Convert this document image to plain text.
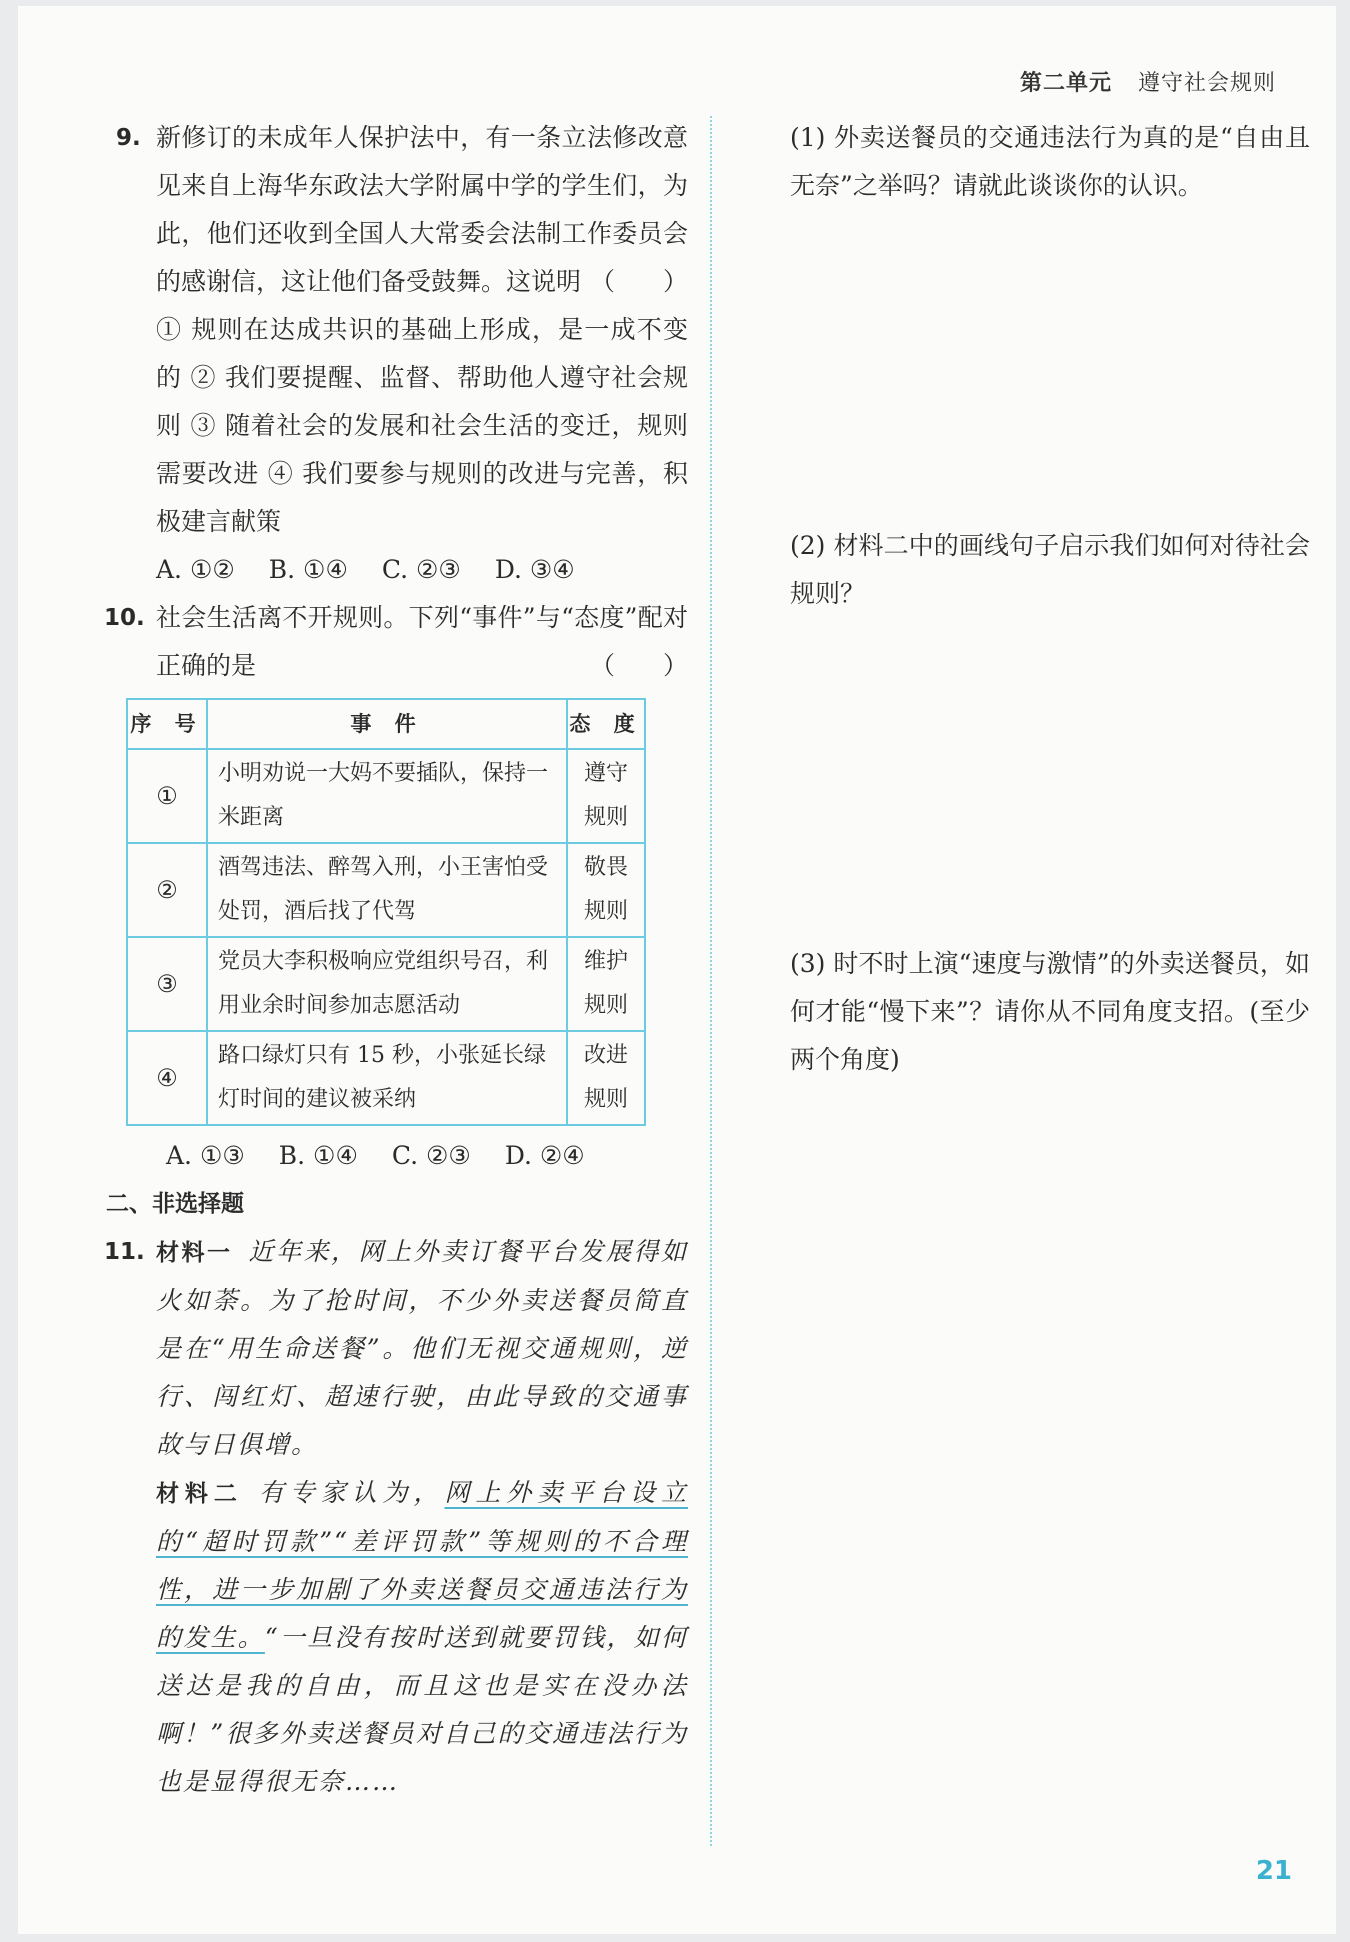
第二单元 遵守社会规则
9. 新修订的未成年人保护法中，有一条立法修改意见来自上海华东政法大学附属中学的学生们，为此，他们还收到全国人大常委会法制工作委员会的感谢信，这让他们备受鼓舞。这说明 （ ）
① 规则在达成共识的基础上形成，是一成不变的 ② 我们要提醒、监督、帮助他人遵守社会规则 ③ 随着社会的发展和社会生活的变迁，规则需要改进 ④ 我们要参与规则的改进与完善，积极建言献策
A. ①② B. ①④ C. ②③ D. ③④
10. 社会生活离不开规则。下列“事件”与“态度”配对正确的是	（ ）
序 号	事 件	态 度
①	小明劝说一大妈不要插队，保持一米距离	遵守规则
②	酒驾违法、醉驾入刑，小王害怕受处罚，酒后找了代驾	敬畏规则
③	党员大李积极响应党组织号召，利用业余时间参加志愿活动	维护规则
④	路口绿灯只有 15 秒，小张延长绿灯时间的建议被采纳	改进规则
A. ①③ B. ①④ C. ②③ D. ②④
二、非选择题
11. 材料一 近年来，网上外卖订餐平台发展得如火如荼。为了抢时间，不少外卖送餐员简直是在“用生命送餐”。他们无视交通规则，逆行、闯红灯、超速行驶，由此导致的交通事故与日俱增。
材料二 有专家认为，网上外卖平台设立的“超时罚款”“差评罚款”等规则的不合理性，进一步加剧了外卖送餐员交通违法行为的发生。“一旦没有按时送到就要罚钱，如何送达是我的自由，而且这也是实在没办法啊！”很多外卖送餐员对自己的交通违法行为也是显得很无奈……
(1) 外卖送餐员的交通违法行为真的是“自由且无奈”之举吗？请就此谈谈你的认识。
(2) 材料二中的画线句子启示我们如何对待社会规则？
(3) 时不时上演“速度与激情”的外卖送餐员，如何才能“慢下来”？请你从不同角度支招。(至少两个角度)
21
